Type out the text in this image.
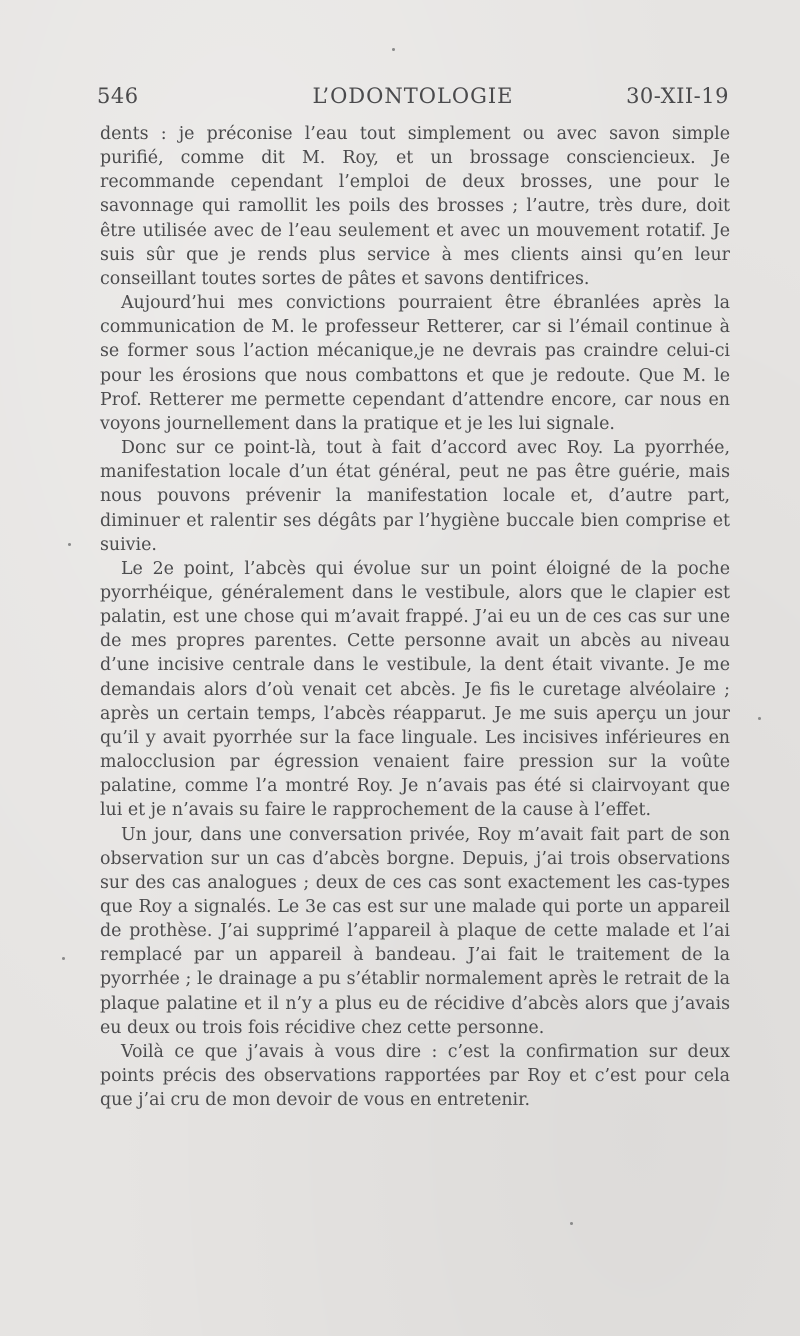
546	L’ODONTOLOGIE	30-XII-19

dents : je préconise l’eau tout simplement ou avec savon simple purifié, comme dit M. Roy, et un brossage consciencieux. Je recommande cependant l’emploi de deux brosses, une pour le savonnage qui ramollit les poils des brosses ; l’autre, très dure, doit être utilisée avec de l’eau seulement et avec un mouvement rotatif. Je suis sûr que je rends plus service à mes clients ainsi qu’en leur conseillant toutes sortes de pâtes et savons dentifrices.

Aujourd’hui mes convictions pourraient être ébranlées après la communication de M. le professeur Retterer, car si l’émail continue à se former sous l’action mécanique,je ne devrais pas craindre celui-ci pour les érosions que nous combattons et que je redoute. Que M. le Prof. Retterer me permette cependant d’attendre encore, car nous en voyons journellement dans la pratique et je les lui signale.

Donc sur ce point-là, tout à fait d’accord avec Roy. La pyorrhée, manifestation locale d’un état général, peut ne pas être guérie, mais nous pouvons prévenir la manifestation locale et, d’autre part, diminuer et ralentir ses dégâts par l’hygiène buccale bien comprise et suivie.

Le 2e point, l’abcès qui évolue sur un point éloigné de la poche pyorrhéique, généralement dans le vestibule, alors que le clapier est palatin, est une chose qui m’avait frappé. J’ai eu un de ces cas sur une de mes propres parentes. Cette personne avait un abcès au niveau d’une incisive centrale dans le vestibule, la dent était vivante. Je me demandais alors d’où venait cet abcès. Je fis le curetage alvéolaire ; après un certain temps, l’abcès réapparut. Je me suis aperçu un jour qu’il y avait pyorrhée sur la face linguale. Les incisives inférieures en malocclusion par égression venaient faire pression sur la voûte palatine, comme l’a montré Roy. Je n’avais pas été si clairvoyant que lui et je n’avais su faire le rapprochement de la cause à l’effet.

Un jour, dans une conversation privée, Roy m’avait fait part de son observation sur un cas d’abcès borgne. Depuis, j’ai trois observations sur des cas analogues ; deux de ces cas sont exactement les cas-types que Roy a signalés. Le 3e cas est sur une malade qui porte un appareil de prothèse. J’ai supprimé l’appareil à plaque de cette malade et l’ai remplacé par un appareil à bandeau. J’ai fait le traitement de la pyorrhée ; le drainage a pu s’établir normalement après le retrait de la plaque palatine et il n’y a plus eu de récidive d’abcès alors que j’avais eu deux ou trois fois récidive chez cette personne.

Voilà ce que j’avais à vous dire : c’est la confirmation sur deux points précis des observations rapportées par Roy et c’est pour cela que j’ai cru de mon devoir de vous en entretenir.
